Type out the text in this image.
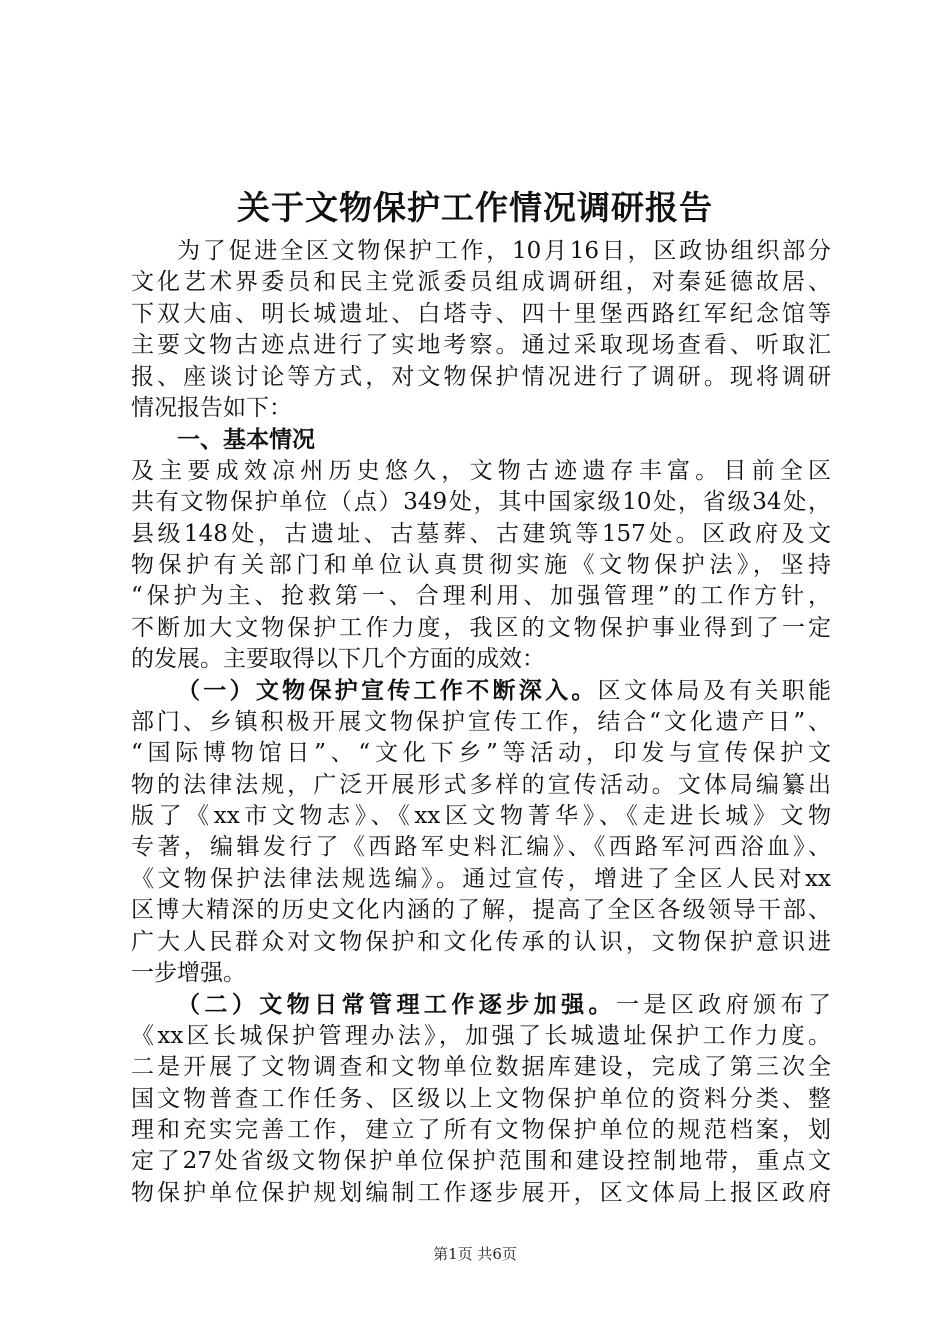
关于文物保护工作情况调研报告
为了促进全区文物保护工作，10月16日，区政协组织部分
文化艺术界委员和民主党派委员组成调研组，对秦延德故居、
下双大庙、明长城遗址、白塔寺、四十里堡西路红军纪念馆等
主要文物古迹点进行了实地考察。通过采取现场查看、听取汇
报、座谈讨论等方式，对文物保护情况进行了调研。现将调研
情况报告如下：
一、基本情况
及主要成效凉州历史悠久，文物古迹遗存丰富。目前全区
共有文物保护单位（点）349处，其中国家级10处，省级34处，
县级148处，古遗址、古墓葬、古建筑等157处。区政府及文
物保护有关部门和单位认真贯彻实施《文物保护法》，坚持
“保护为主、抢救第一、合理利用、加强管理”的工作方针，
不断加大文物保护工作力度，我区的文物保护事业得到了一定
的发展。主要取得以下几个方面的成效：
（一）文物保护宣传工作不断深入。区文体局及有关职能
部门、乡镇积极开展文物保护宣传工作，结合“文化遗产日”、
“国际博物馆日”、“文化下乡”等活动，印发与宣传保护文
物的法律法规，广泛开展形式多样的宣传活动。文体局编纂出
版了《xx市文物志》、《xx区文物菁华》、《走进长城》文物
专著，编辑发行了《西路军史料汇编》、《西路军河西浴血》、
《文物保护法律法规选编》。通过宣传，增进了全区人民对xx
区博大精深的历史文化内涵的了解，提高了全区各级领导干部、
广大人民群众对文物保护和文化传承的认识，文物保护意识进
一步增强。
（二）文物日常管理工作逐步加强。一是区政府颁布了
《xx区长城保护管理办法》，加强了长城遗址保护工作力度。
二是开展了文物调查和文物单位数据库建设，完成了第三次全
国文物普查工作任务、区级以上文物保护单位的资料分类、整
理和充实完善工作，建立了所有文物保护单位的规范档案，划
定了27处省级文物保护单位保护范围和建设控制地带，重点文
物保护单位保护规划编制工作逐步展开，区文体局上报区政府
第1页 共6页
